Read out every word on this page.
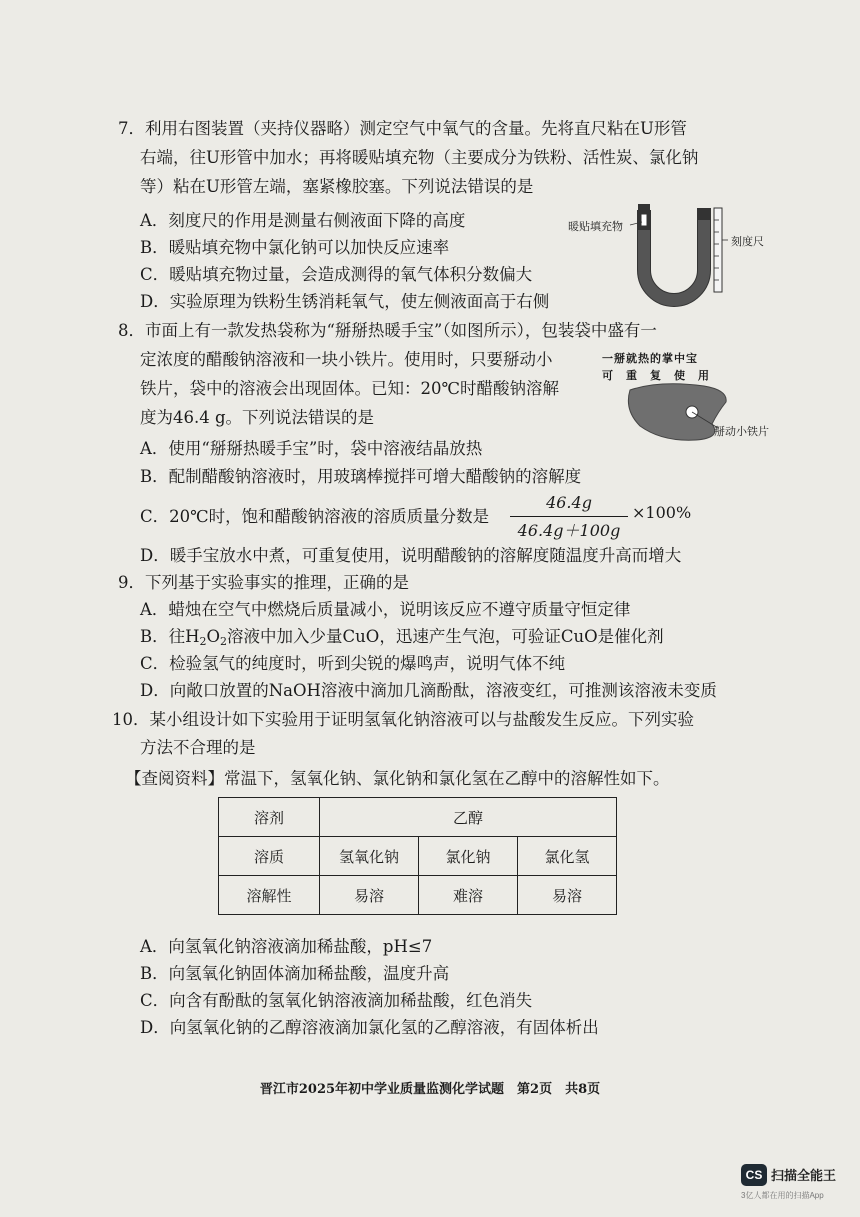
7．利用右图装置（夹持仪器略）测定空气中氧气的含量。先将直尺粘在U形管
右端，往U形管中加水；再将暖贴填充物（主要成分为铁粉、活性炭、氯化钠
等）粘在U形管左端，塞紧橡胶塞。下列说法错误的是
A．刻度尺的作用是测量右侧液面下降的高度
B．暖贴填充物中氯化钠可以加快反应速率
C．暖贴填充物过量，会造成测得的氧气体积分数偏大
D．实验原理为铁粉生锈消耗氧气，使左侧液面高于右侧
暖贴填充物
刻度尺
8．市面上有一款发热袋称为“掰掰热暖手宝”（如图所示），包装袋中盛有一
定浓度的醋酸钠溶液和一块小铁片。使用时，只要掰动小
铁片，袋中的溶液会出现固体。已知：20℃时醋酸钠溶解
度为46.4 g。下列说法错误的是
A．使用“掰掰热暖手宝”时，袋中溶液结晶放热
B．配制醋酸钠溶液时，用玻璃棒搅拌可增大醋酸钠的溶解度
C．20℃时，饱和醋酸钠溶液的溶质质量分数是
46.4g
46.4g＋100g
×100%
D．暖手宝放水中煮，可重复使用，说明醋酸钠的溶解度随温度升高而增大
一掰就热的掌中宝
可　重　复　使　用
掰动小铁片
9．下列基于实验事实的推理，正确的是
A．蜡烛在空气中燃烧后质量减小，说明该反应不遵守质量守恒定律
B．往$H_2O_2$溶液中加入少量CuO，迅速产生气泡，可验证CuO是催化剂
C．检验氢气的纯度时，听到尖锐的爆鸣声，说明气体不纯
D．向敞口放置的NaOH溶液中滴加几滴酚酞，溶液变红，可推测该溶液未变质
10．某小组设计如下实验用于证明氢氧化钠溶液可以与盐酸发生反应。下列实验
方法不合理的是
【查阅资料】常温下，氢氧化钠、氯化钠和氯化氢在乙醇中的溶解性如下。
溶剂	乙醇		
溶质	氢氧化钠	氯化钠	氯化氢
溶解性	易溶	难溶	易溶
A．向氢氧化钠溶液滴加稀盐酸，pH≤7
B．向氢氧化钠固体滴加稀盐酸，温度升高
C．向含有酚酞的氢氧化钠溶液滴加稀盐酸，红色消失
D．向氢氧化钠的乙醇溶液滴加氯化氢的乙醇溶液，有固体析出
晋江市2025年初中学业质量监测化学试题　第2页　共8页
CS 扫描全能王
3亿人都在用的扫描App
